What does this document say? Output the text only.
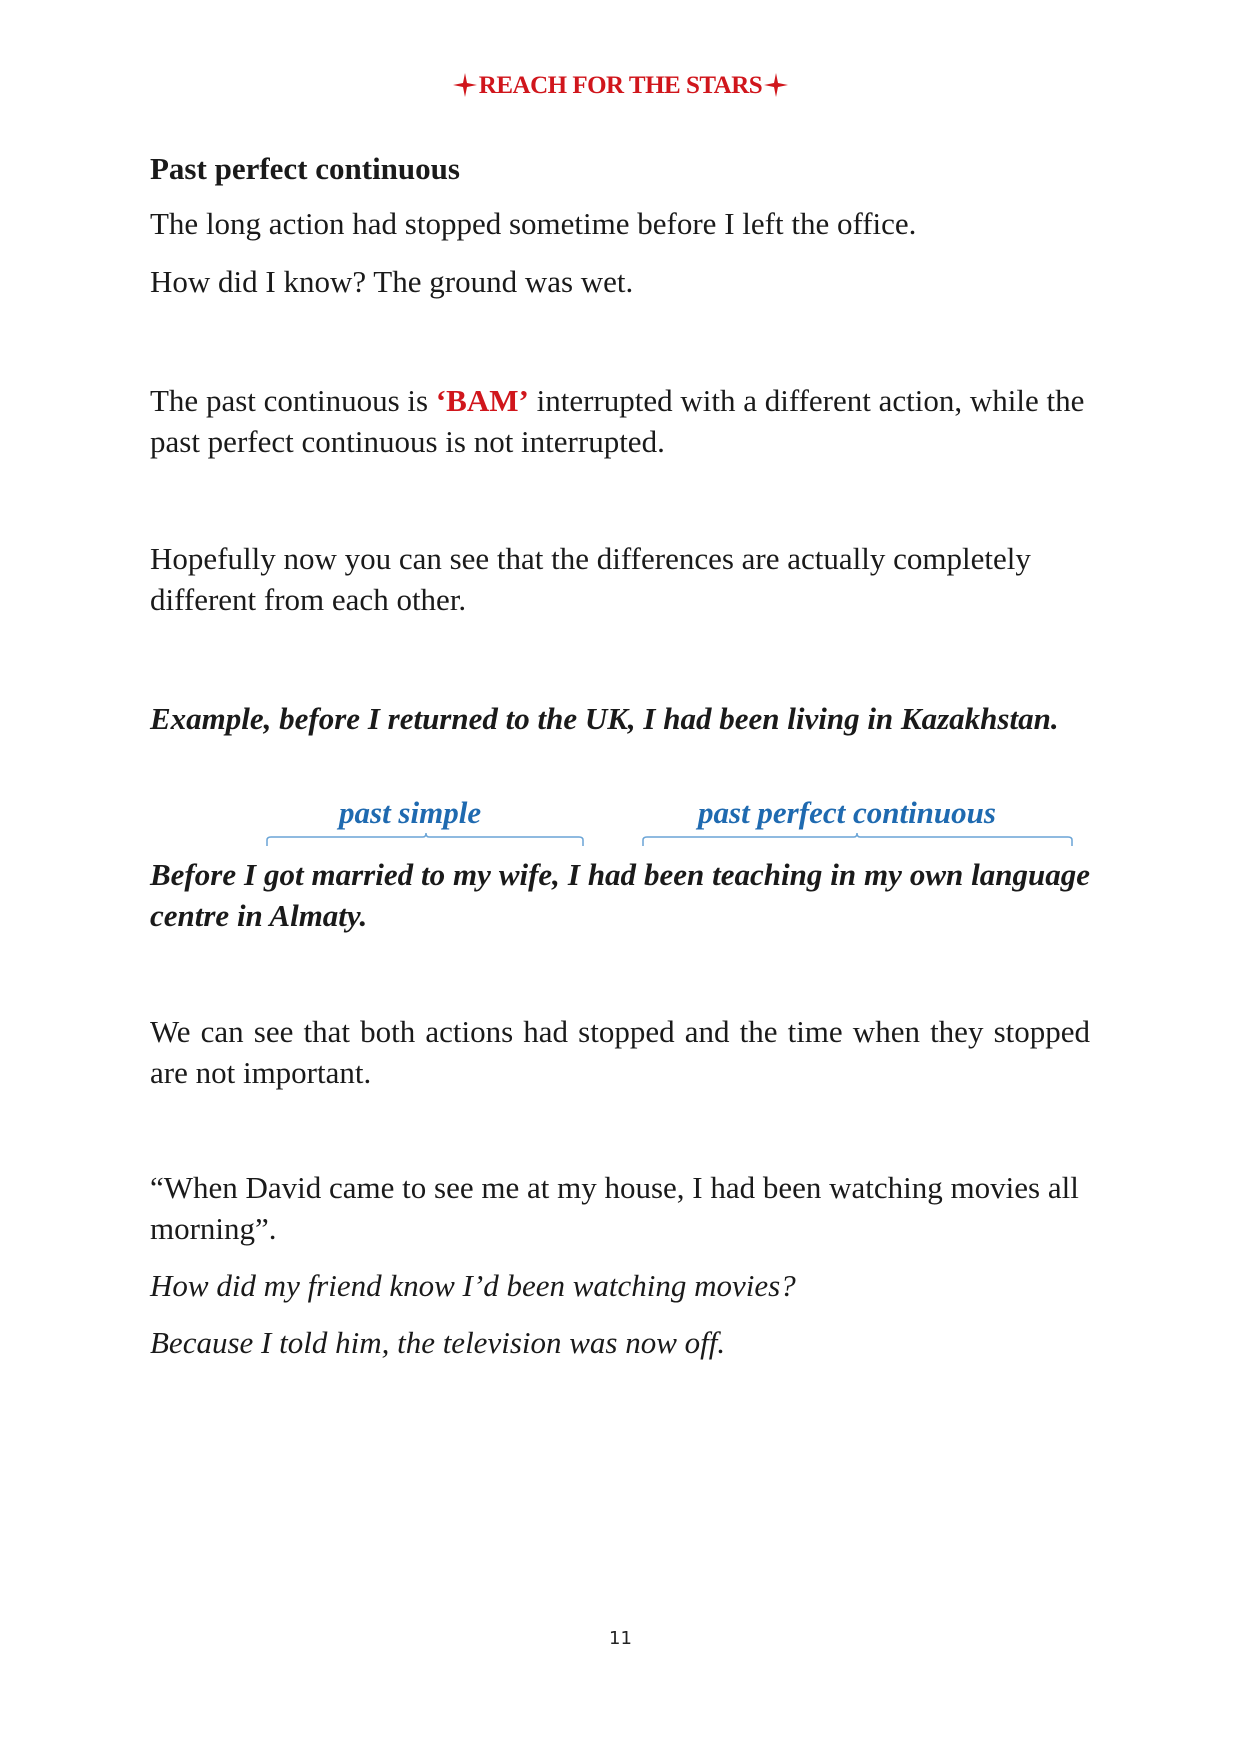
REACH FOR THE STARS
Past perfect continuous
The long action had stopped sometime before I left the office.
How did I know? The ground was wet.
The past continuous is ‘BAM’ interrupted with a different action, while the past perfect continuous is not interrupted.
Hopefully now you can see that the differences are actually completely different from each other.
Example, before I returned to the UK, I had been living in Kazakhstan.
past simple	past perfect continuous
Before I got married to my wife, I had been teaching in my own language centre in Almaty.
We can see that both actions had stopped and the time when they stopped are not important.
“When David came to see me at my house, I had been watching movies all morning”.
How did my friend know I’d been watching movies?
Because I told him, the television was now off.
11
